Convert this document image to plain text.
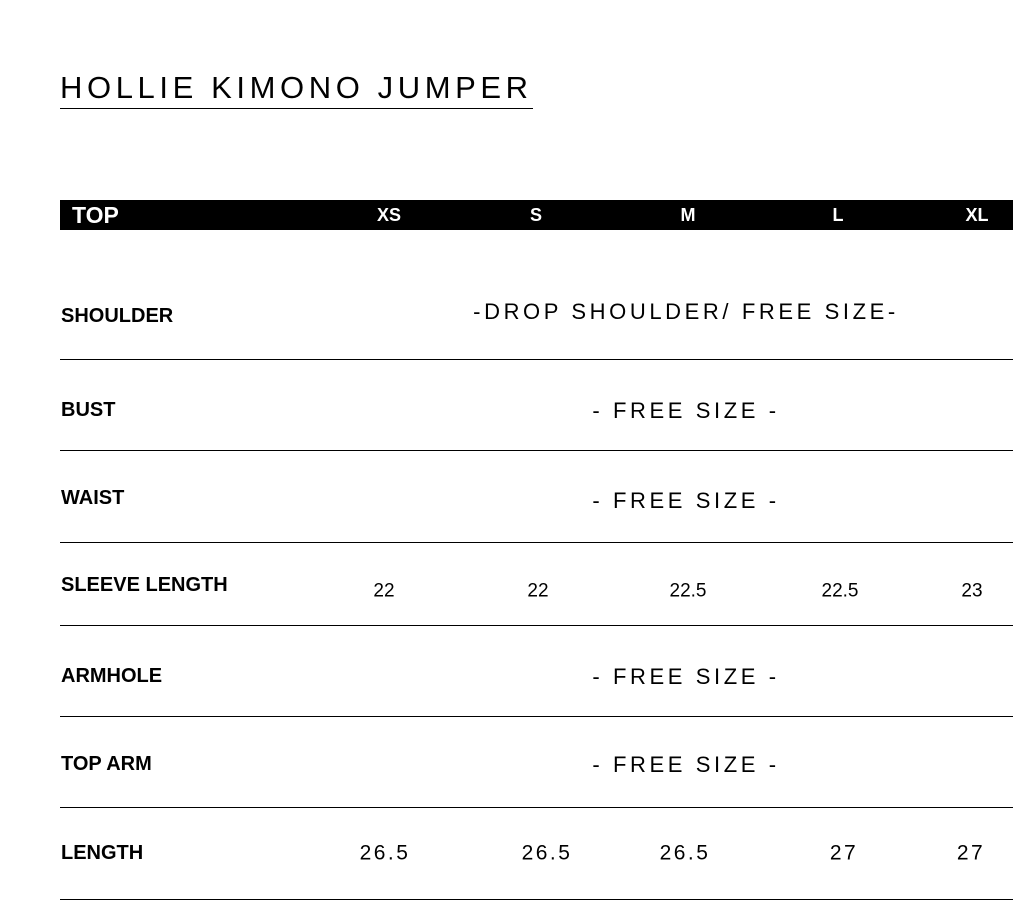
HOLLIE KIMONO JUMPER
TOP	XS	S	M	L	XL
SHOULDER	-DROP SHOULDER/ FREE SIZE-
BUST	- FREE SIZE -
WAIST	- FREE SIZE -
SLEEVE LENGTH	22	22	22.5	22.5	23
ARMHOLE	- FREE SIZE -
TOP ARM	- FREE SIZE -
LENGTH	26.5	26.5	26.5	27	27
